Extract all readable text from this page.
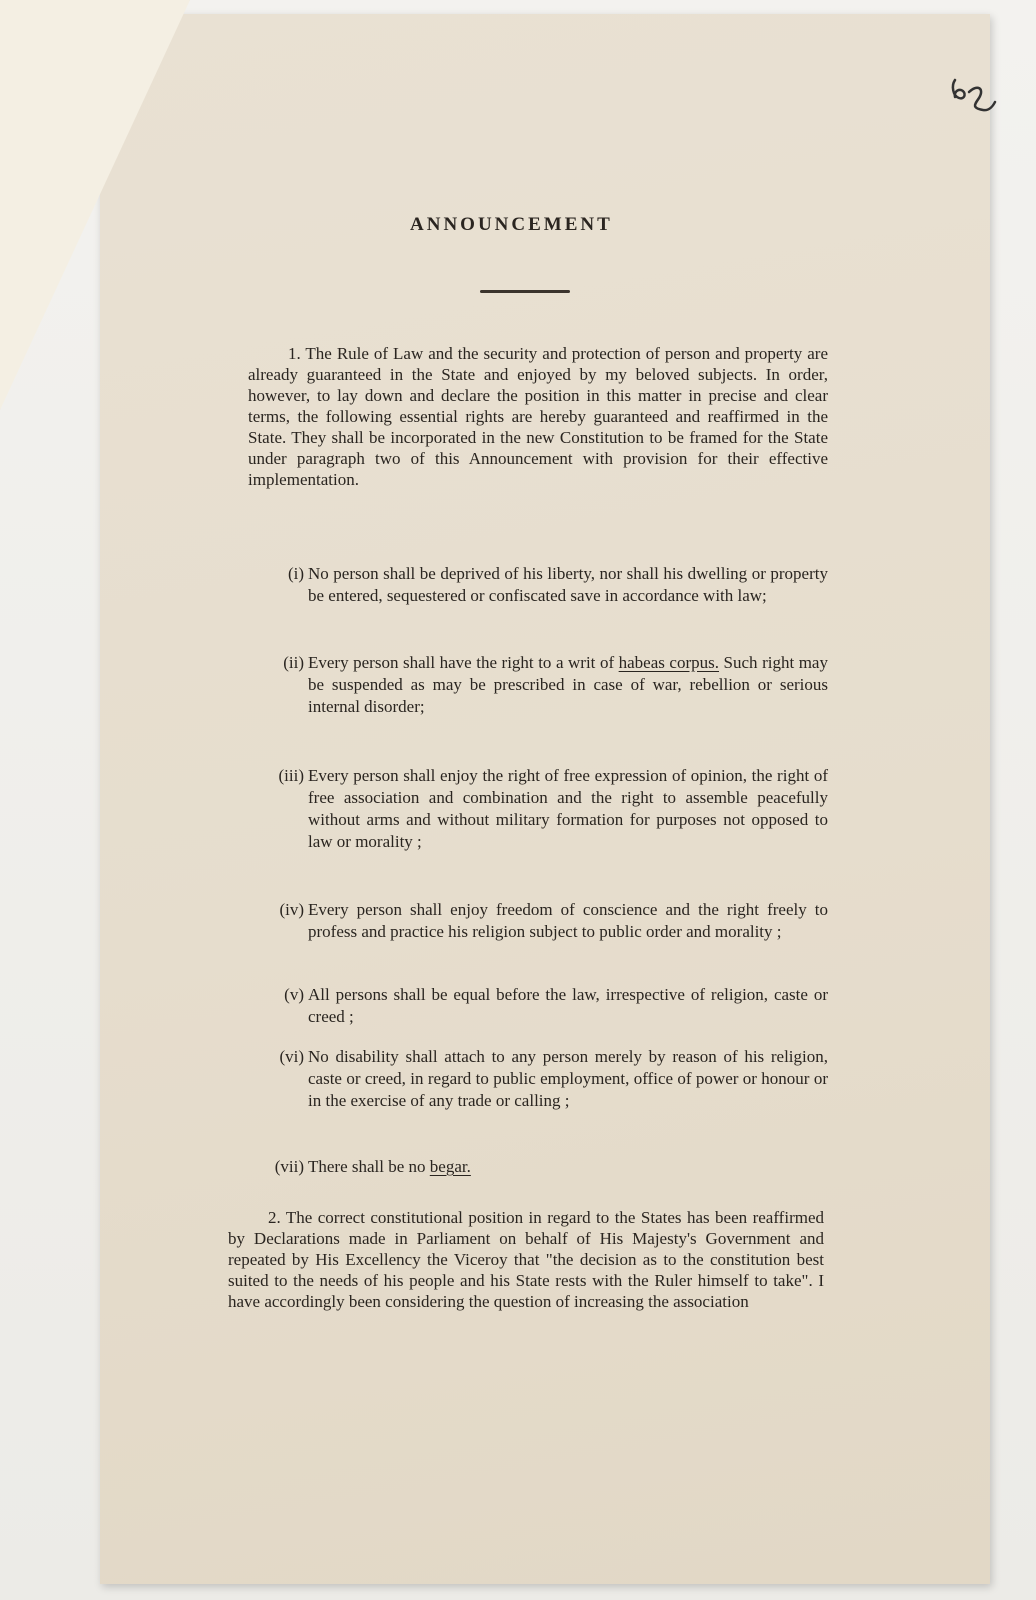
ANNOUNCEMENT
1. The Rule of Law and the security and protection of person and property are already guaranteed in the State and enjoyed by my beloved subjects. In order, however, to lay down and declare the position in this matter in precise and clear terms, the following essential rights are hereby guaranteed and reaffirmed in the State. They shall be incorporated in the new Constitution to be framed for the State under paragraph two of this Announcement with provision for their effective implementation.
(i) No person shall be deprived of his liberty, nor shall his dwelling or property be entered, sequestered or confiscated save in accordance with law;
(ii) Every person shall have the right to a writ of habeas corpus. Such right may be suspended as may be prescribed in case of war, rebellion or serious internal disorder;
(iii) Every person shall enjoy the right of free expression of opinion, the right of free association and combination and the right to assemble peacefully without arms and without military formation for purposes not opposed to law or morality ;
(iv) Every person shall enjoy freedom of conscience and the right freely to profess and practice his religion subject to public order and morality ;
(v) All persons shall be equal before the law, irrespective of religion, caste or creed ;
(vi) No disability shall attach to any person merely by reason of his religion, caste or creed, in regard to public employment, office of power or honour or in the exercise of any trade or calling ;
(vii) There shall be no begar.
2. The correct constitutional position in regard to the States has been reaffirmed by Declarations made in Parliament on behalf of His Majesty's Government and repeated by His Excellency the Viceroy that "the decision as to the constitution best suited to the needs of his people and his State rests with the Ruler himself to take". I have accordingly been considering the question of increasing the association
